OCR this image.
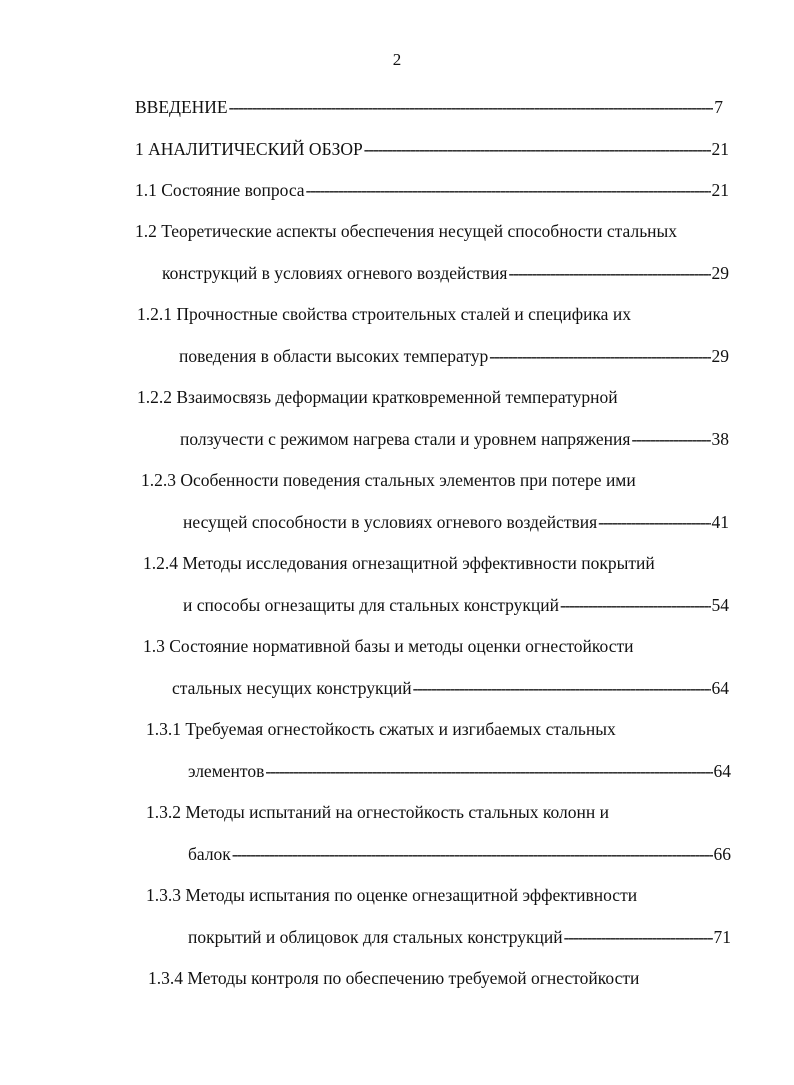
2
ВВЕДЕНИЕ -----	7
1 АНАЛИТИЧЕСКИЙ ОБЗОР -----	21
1.1 Состояние вопроса -----	21
1.2 Теоретические аспекты обеспечения несущей способности стальных
конструкций в условиях огневого воздействия -----	29
1.2.1 Прочностные свойства строительных сталей и специфика их
поведения в области высоких температур -----	29
1.2.2 Взаимосвязь деформации кратковременной температурной
ползучести с режимом нагрева стали и уровнем напряжения -----	38
1.2.3 Особенности поведения стальных элементов при потере ими
несущей способности в условиях огневого воздействия -----	41
1.2.4 Методы исследования огнезащитной эффективности покрытий
и способы огнезащиты для стальных конструкций -----	54
1.3 Состояние нормативной базы и методы оценки огнестойкости
стальных несущих конструкций -----	64
1.3.1 Требуемая огнестойкость сжатых и изгибаемых стальных
элементов -----	64
1.3.2 Методы испытаний на огнестойкость стальных колонн и
балок -----	66
1.3.3 Методы испытания по оценке огнезащитной эффективности
покрытий и облицовок для стальных конструкций -----	71
1.3.4 Методы контроля по обеспечению требуемой огнестойкости
